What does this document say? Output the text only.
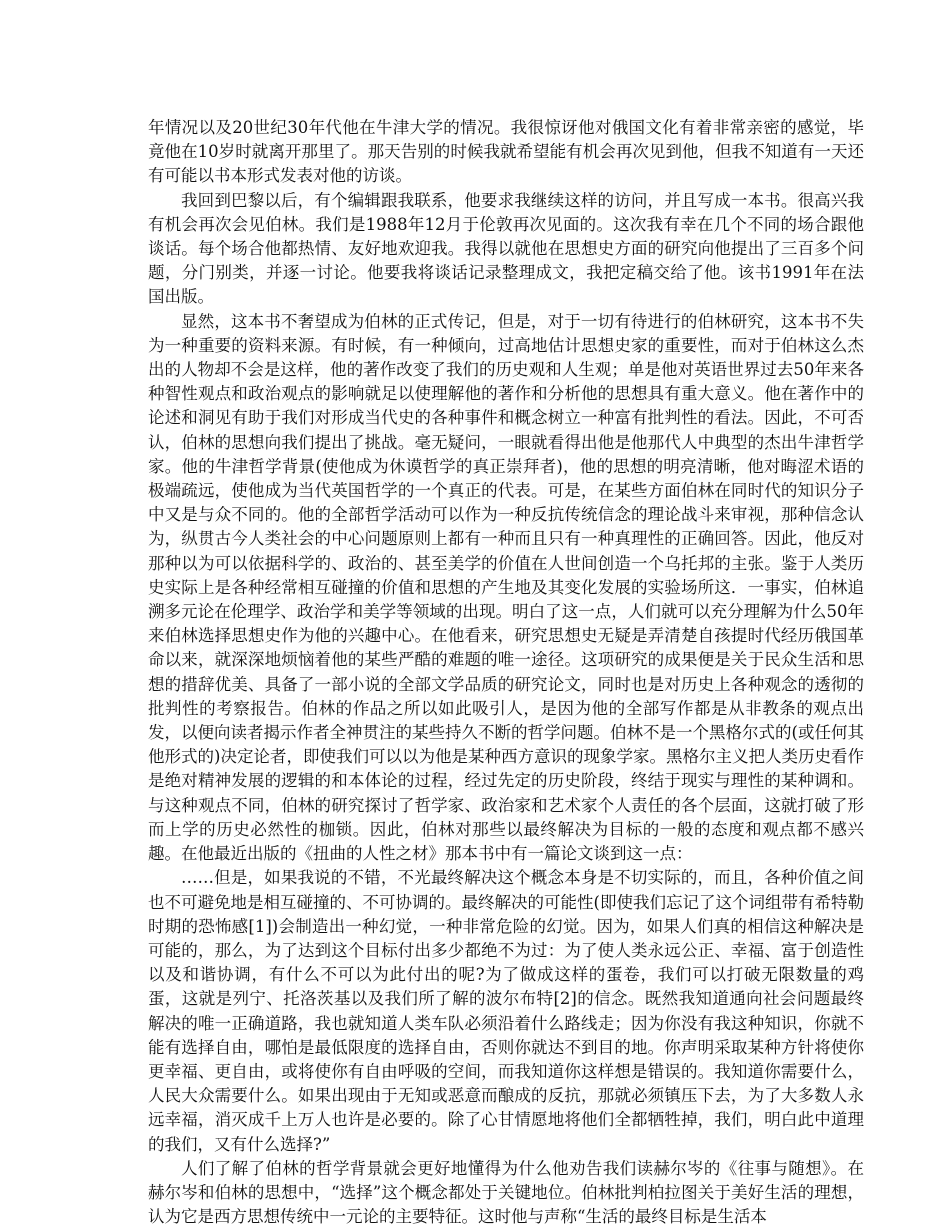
年情况以及20世纪30年代他在牛津大学的情况。我很惊讶他对俄国文化有着非常亲密的感觉，毕竟他在10岁时就离开那里了。那天告别的时候我就希望能有机会再次见到他，但我不知道有一天还有可能以书本形式发表对他的访谈。

我回到巴黎以后，有个编辑跟我联系，他要求我继续这样的访问，并且写成一本书。很高兴我有机会再次会见伯林。我们是1988年12月于伦敦再次见面的。这次我有幸在几个不同的场合跟他谈话。每个场合他都热情、友好地欢迎我。我得以就他在思想史方面的研究向他提出了三百多个问题，分门别类，并逐一讨论。他要我将谈话记录整理成文，我把定稿交给了他。该书1991年在法国出版。

显然，这本书不奢望成为伯林的正式传记，但是，对于一切有待进行的伯林研究，这本书不失为一种重要的资料来源。有时候，有一种倾向，过高地估计思想史家的重要性，而对于伯林这么杰出的人物却不会是这样，他的著作改变了我们的历史观和人生观；单是他对英语世界过去50年来各种智性观点和政治观点的影响就足以使理解他的著作和分析他的思想具有重大意义。他在著作中的论述和洞见有助于我们对形成当代史的各种事件和概念树立一种富有批判性的看法。因此，不可否认，伯林的思想向我们提出了挑战。毫无疑问，一眼就看得出他是他那代人中典型的杰出牛津哲学家。他的牛津哲学背景(使他成为休谟哲学的真正崇拜者)，他的思想的明亮清晰，他对晦涩术语的极端疏远，使他成为当代英国哲学的一个真正的代表。可是，在某些方面伯林在同时代的知识分子中又是与众不同的。他的全部哲学活动可以作为一种反抗传统信念的理论战斗来审视，那种信念认为，纵贯古今人类社会的中心问题原则上都有一种而且只有一种真理性的正确回答。因此，他反对那种以为可以依据科学的、政治的、甚至美学的价值在人世间创造一个乌托邦的主张。鉴于人类历史实际上是各种经常相互碰撞的价值和思想的产生地及其变化发展的实验场所这．一事实，伯林追溯多元论在伦理学、政治学和美学等领域的出现。明白了这一点，人们就可以充分理解为什么50年来伯林选择思想史作为他的兴趣中心。在他看来，研究思想史无疑是弄清楚自孩提时代经历俄国革命以来，就深深地烦恼着他的某些严酷的难题的唯一途径。这项研究的成果便是关于民众生活和思想的措辞优美、具备了一部小说的全部文学品质的研究论文，同时也是对历史上各种观念的透彻的批判性的考察报告。伯林的作品之所以如此吸引人，是因为他的全部写作都是从非教条的观点出发，以便向读者揭示作者全神贯注的某些持久不断的哲学问题。伯林不是一个黑格尔式的(或任何其他形式的)决定论者，即使我们可以以为他是某种西方意识的现象学家。黑格尔主义把人类历史看作是绝对精神发展的逻辑的和本体论的过程，经过先定的历史阶段，终结于现实与理性的某种调和。与这种观点不同，伯林的研究探讨了哲学家、政治家和艺术家个人责任的各个层面，这就打破了形而上学的历史必然性的枷锁。因此，伯林对那些以最终解决为目标的一般的态度和观点都不感兴趣。在他最近出版的《扭曲的人性之材》那本书中有一篇论文谈到这一点：

……但是，如果我说的不错，不光最终解决这个概念本身是不切实际的，而且，各种价值之间也不可避免地是相互碰撞的、不可协调的。最终解决的可能性(即使我们忘记了这个词组带有希特勒时期的恐怖感[1])会制造出一种幻觉，一种非常危险的幻觉。因为，如果人们真的相信这种解决是可能的，那么，为了达到这个目标付出多少都绝不为过：为了使人类永远公正、幸福、富于创造性以及和谐协调，有什么不可以为此付出的呢?为了做成这样的蛋卷，我们可以打破无限数量的鸡蛋，这就是列宁、托洛茨基以及我们所了解的波尔布特[2]的信念。既然我知道通向社会问题最终解决的唯一正确道路，我也就知道人类车队必须沿着什么路线走；因为你没有我这种知识，你就不能有选择自由，哪怕是最低限度的选择自由，否则你就达不到目的地。你声明采取某种方针将使你更幸福、更自由，或将使你有自由呼吸的空间，而我知道你这样想是错误的。我知道你需要什么，人民大众需要什么。如果出现由于无知或恶意而酿成的反抗，那就必须镇压下去，为了大多数人永远幸福，消灭成千上万人也许是必要的。除了心甘情愿地将他们全都牺牲掉，我们，明白此中道理的我们，又有什么选择?”

人们了解了伯林的哲学背景就会更好地懂得为什么他劝告我们读赫尔岑的《往事与随想》。在赫尔岑和伯林的思想中，“选择”这个概念都处于关键地位。伯林批判柏拉图关于美好生活的理想，认为它是西方思想传统中一元论的主要特征。这时他与声称“生活的最终目标是生活本
